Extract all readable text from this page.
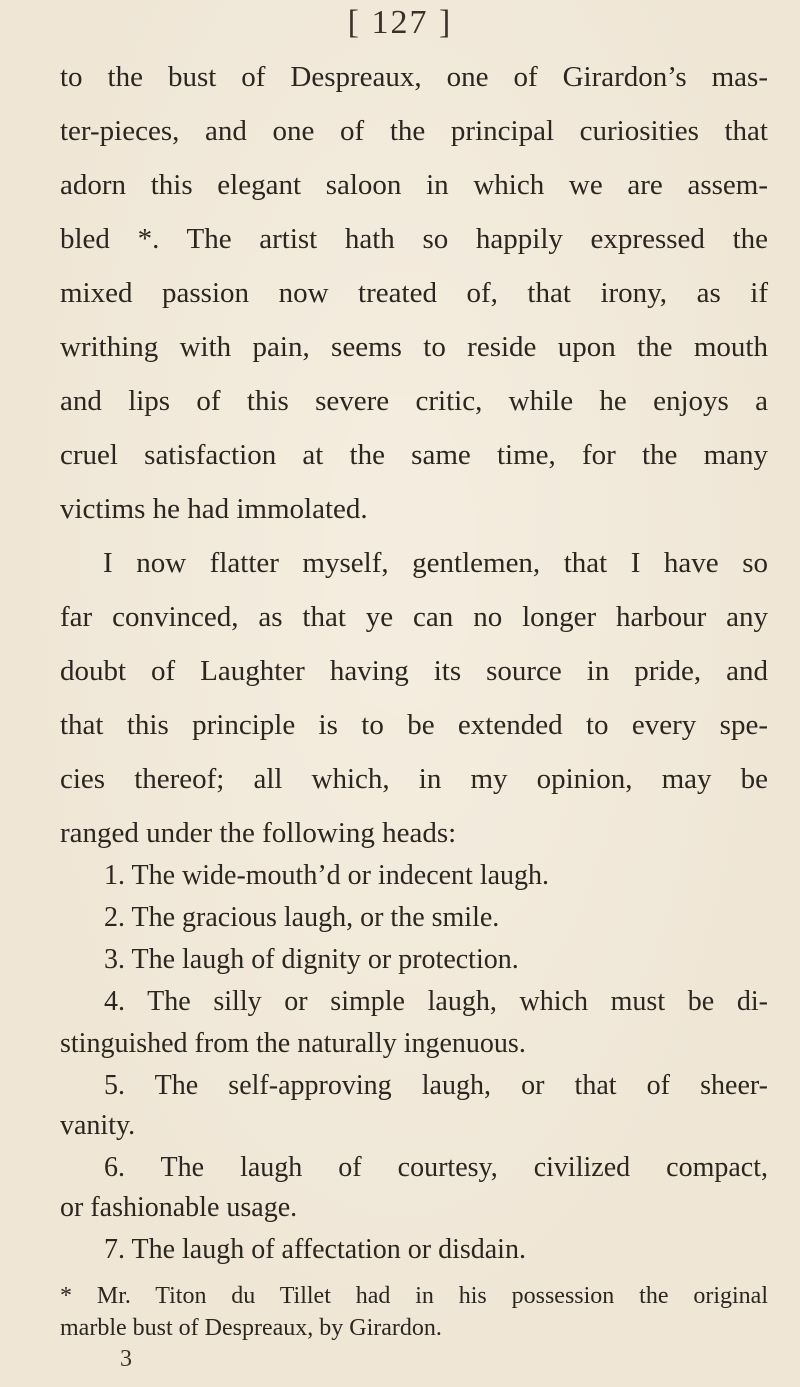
[ 127 ]
to the bust of Despreaux, one of Girardon’s mas-
ter-pieces, and one of the principal curiosities that
adorn this elegant saloon in which we are assem-
bled *. The artist hath so happily expressed the
mixed passion now treated of, that irony, as if
writhing with pain, seems to reside upon the mouth
and lips of this severe critic, while he enjoys a
cruel satisfaction at the same time, for the many
victims he had immolated.
I now flatter myself, gentlemen, that I have so
far convinced, as that ye can no longer harbour any
doubt of Laughter having its source in pride, and
that this principle is to be extended to every spe-
cies thereof; all which, in my opinion, may be
ranged under the following heads:
1. The wide-mouth’d or indecent laugh.
2. The gracious laugh, or the smile.
3. The laugh of dignity or protection.
4. The silly or simple laugh, which must be di-
stinguished from the naturally ingenuous.
5. The self-approving laugh, or that of sheer-
vanity.
6. The laugh of courtesy, civilized compact,
or fashionable usage.
7. The laugh of affectation or disdain.
* Mr. Titon du Tillet had in his possession the original
marble bust of Despreaux, by Girardon.
3
